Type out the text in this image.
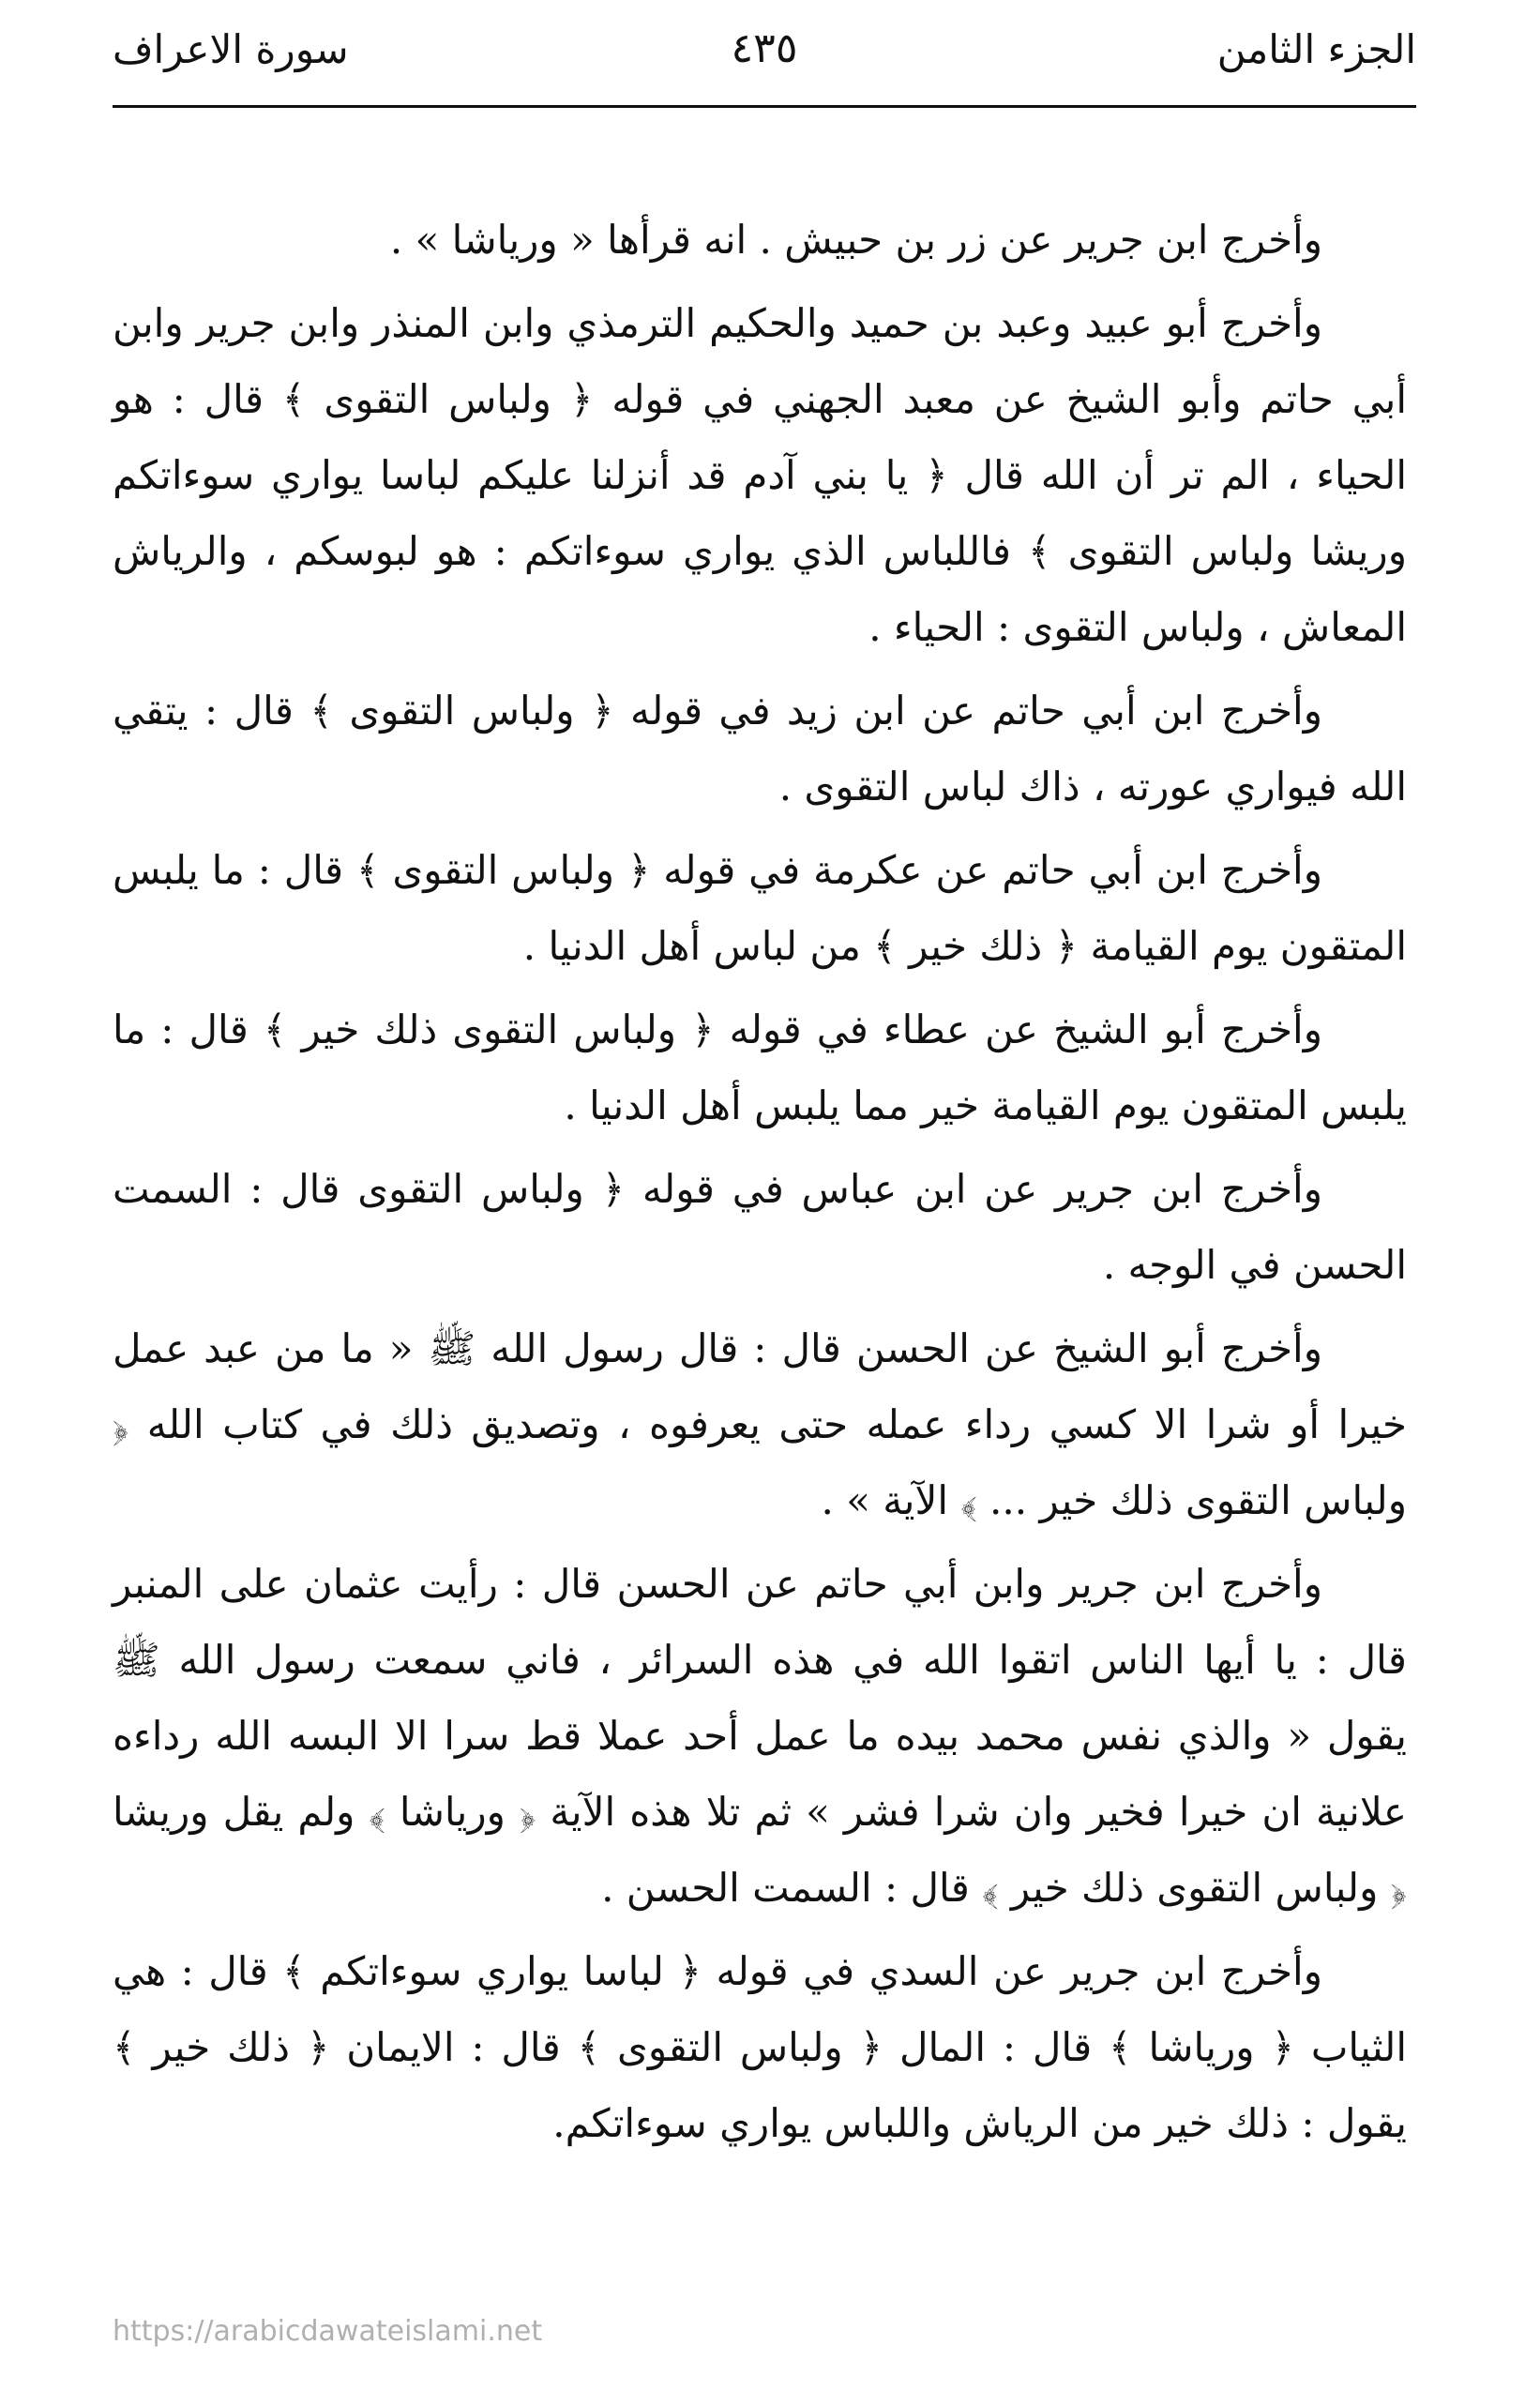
الجزء الثامن
٤٣٥
سورة الاعراف

وأخرج ابن جرير عن زر بن حبيش . انه قرأها « ورياشا » .

وأخرج أبو عبيد وعبد بن حميد والحكيم الترمذي وابن المنذر وابن جرير وابن أبي حاتم وأبو الشيخ عن معبد الجهني في قوله ﴿ ولباس التقوى ﴾ قال : هو الحياء ، الم تر أن الله قال ﴿ يا بني آدم قد أنزلنا عليكم لباسا يواري سوءاتكم وريشا ولباس التقوى ﴾ فاللباس الذي يواري سوءاتكم : هو لبوسكم ، والرياش المعاش ، ولباس التقوى : الحياء .

وأخرج ابن أبي حاتم عن ابن زيد في قوله ﴿ ولباس التقوى ﴾ قال : يتقي الله فيواري عورته ، ذاك لباس التقوى .

وأخرج ابن أبي حاتم عن عكرمة في قوله ﴿ ولباس التقوى ﴾ قال : ما يلبس المتقون يوم القيامة ﴿ ذلك خير ﴾ من لباس أهل الدنيا .

وأخرج أبو الشيخ عن عطاء في قوله ﴿ ولباس التقوى ذلك خير ﴾ قال : ما يلبس المتقون يوم القيامة خير مما يلبس أهل الدنيا .

وأخرج ابن جرير عن ابن عباس في قوله ﴿ ولباس التقوى قال : السمت الحسن في الوجه .

وأخرج أبو الشيخ عن الحسن قال : قال رسول الله ﷺ « ما من عبد عمل خيرا أو شرا الا كسي رداء عمله حتى يعرفوه ، وتصديق ذلك في كتاب الله ﴿ ولباس التقوى ذلك خير ... ﴾ الآية » .

وأخرج ابن جرير وابن أبي حاتم عن الحسن قال : رأيت عثمان على المنبر قال : يا أيها الناس اتقوا الله في هذه السرائر ، فاني سمعت رسول الله ﷺ يقول « والذي نفس محمد بيده ما عمل أحد عملا قط سرا الا البسه الله رداءه علانية ان خيرا فخير وان شرا فشر » ثم تلا هذه الآية ﴿ ورياشا ﴾ ولم يقل وريشا ﴿ ولباس التقوى ذلك خير ﴾ قال : السمت الحسن .

وأخرج ابن جرير عن السدي في قوله ﴿ لباسا يواري سوءاتكم ﴾ قال : هي الثياب ﴿ ورياشا ﴾ قال : المال ﴿ ولباس التقوى ﴾ قال : الايمان ﴿ ذلك خير ﴾ يقول : ذلك خير من الرياش واللباس يواري سوءاتكم.

https://arabicdawateislami.net
